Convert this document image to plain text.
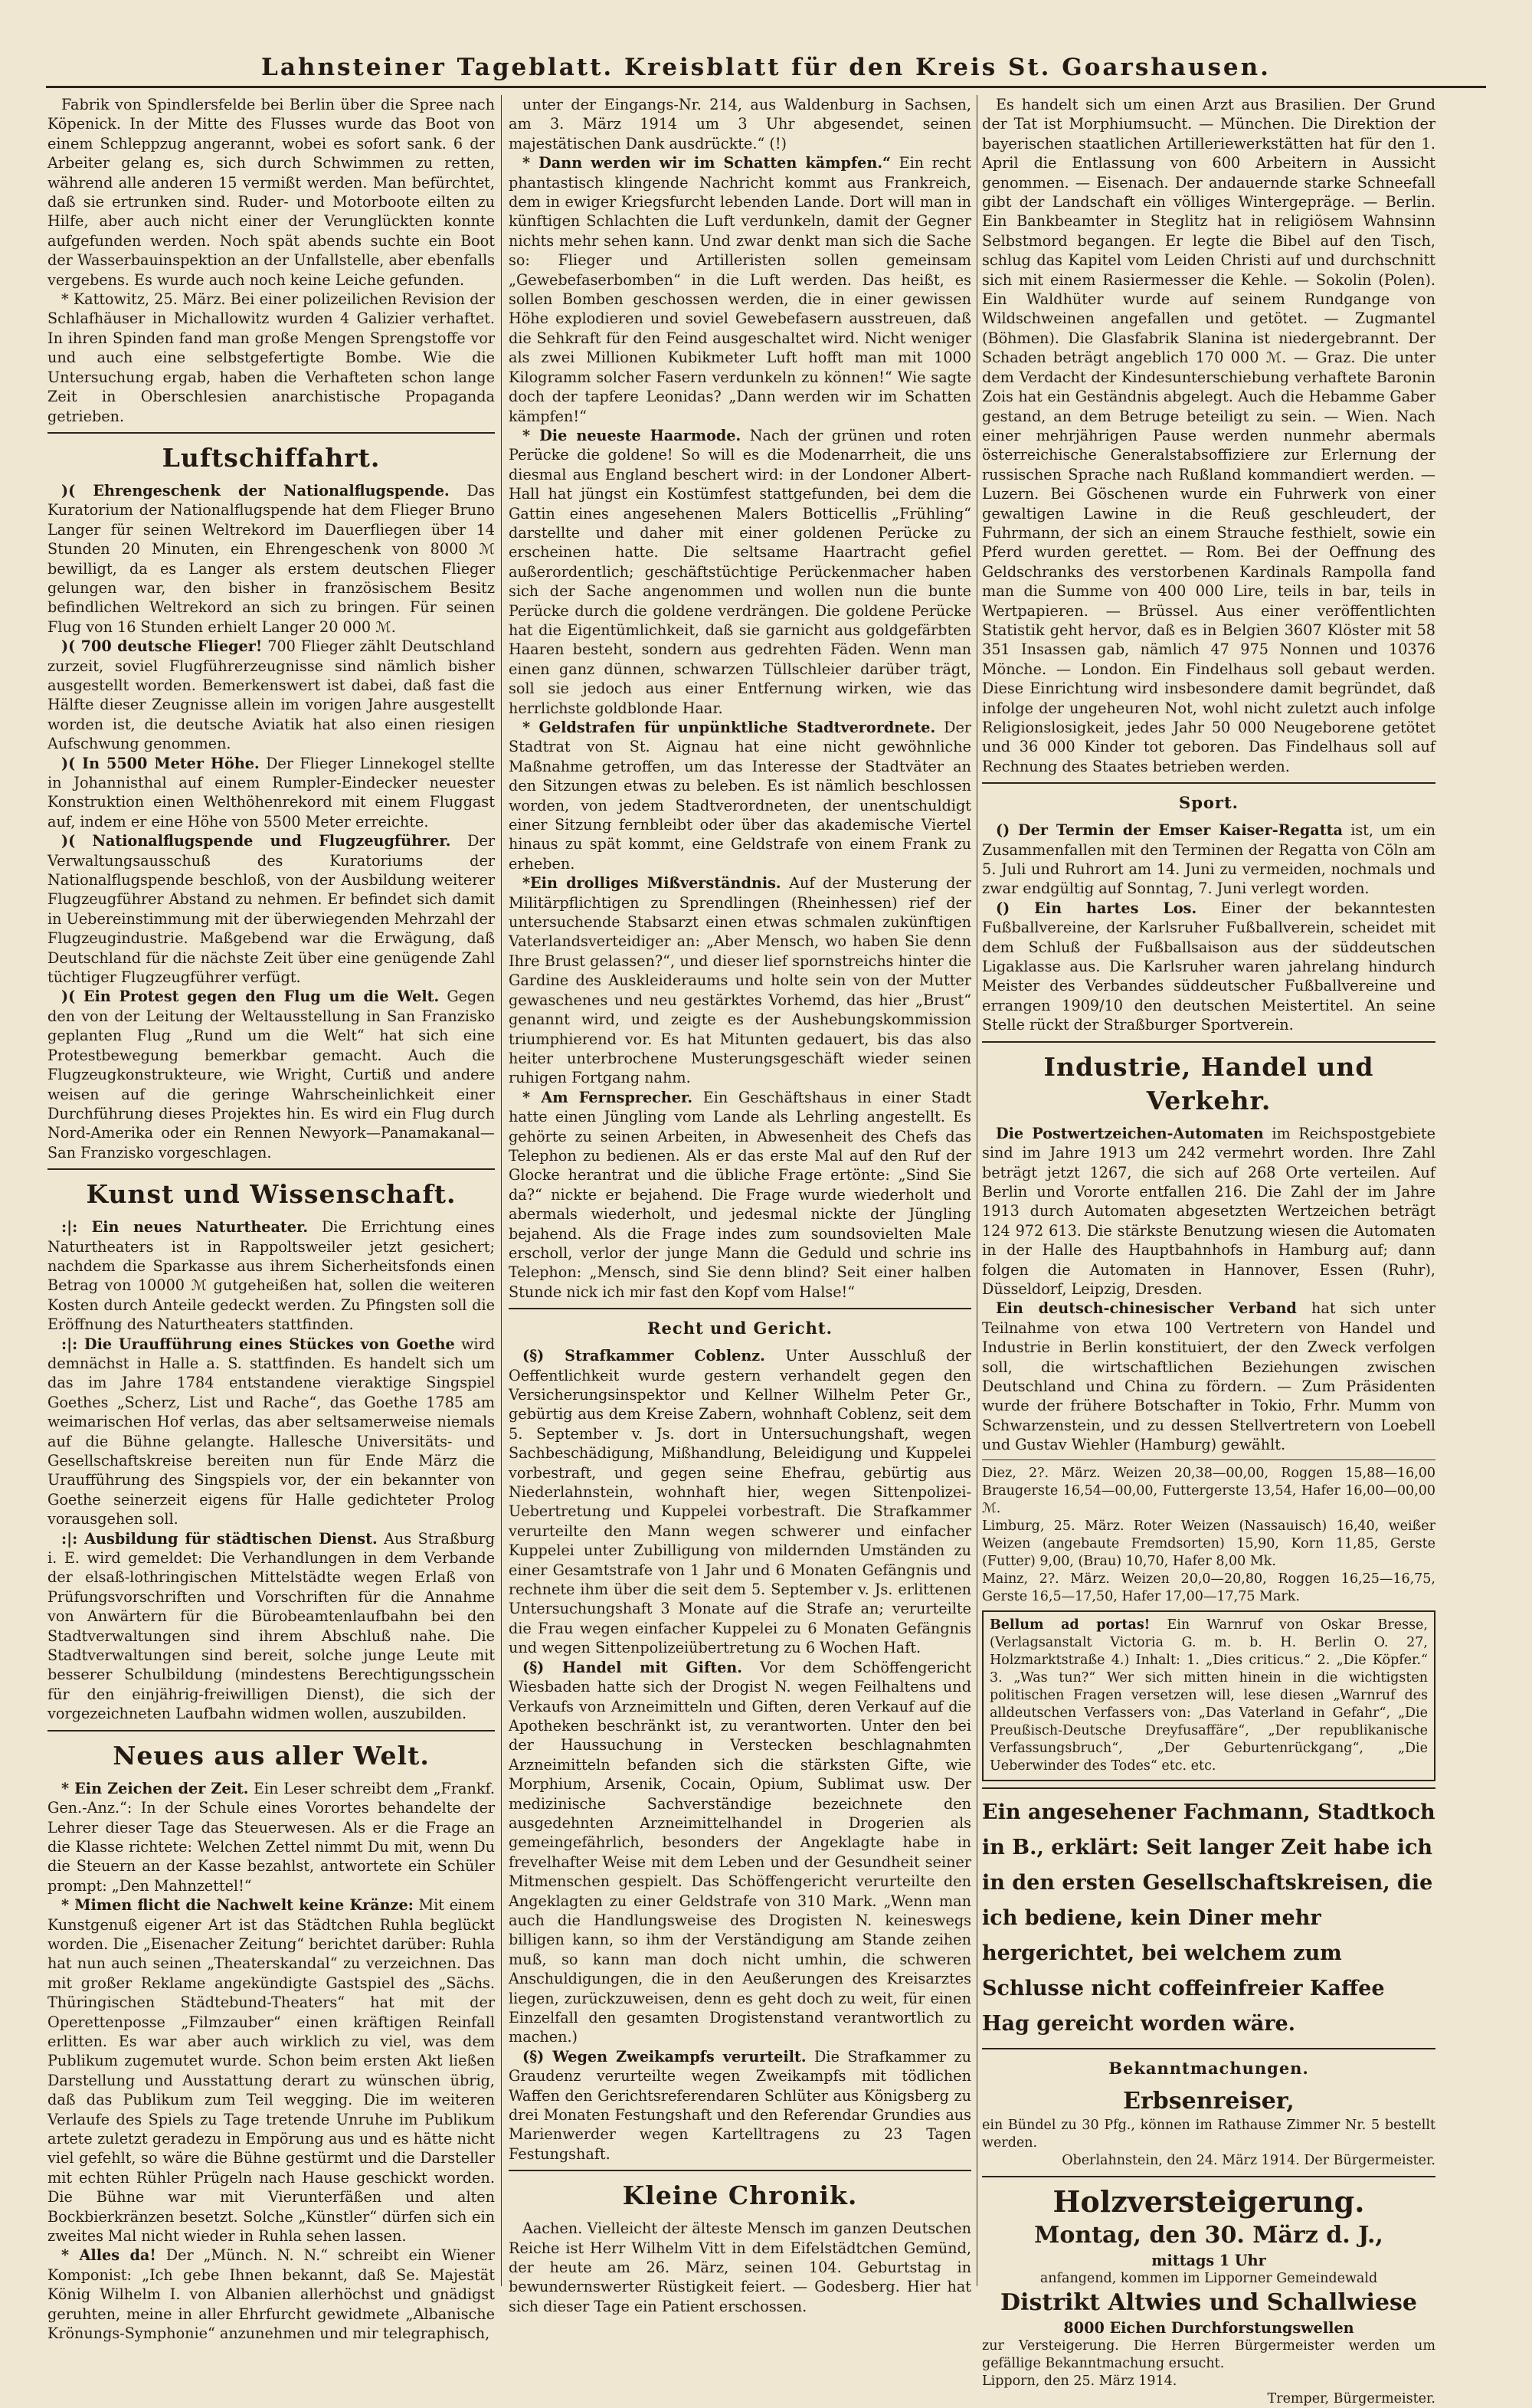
Lahnsteiner Tageblatt. Kreisblatt für den Kreis St. Goarshausen.

Fabrik von Spindlersfelde bei Berlin über die Spree nach Köpenick. In der Mitte des Flusses wurde das Boot von einem Schleppzug angerannt, wobei es sofort sank. 6 der Arbeiter gelang es, sich durch Schwimmen zu retten, während alle anderen 15 vermißt werden. Man befürchtet, daß sie ertrunken sind. Ruder- und Motorboote eilten zu Hilfe, aber auch nicht einer der Verunglückten konnte aufgefunden werden. Noch spät abends suchte ein Boot der Wasserbauinspektion an der Unfallstelle, aber ebenfalls vergebens. Es wurde auch noch keine Leiche gefunden.

* Kattowitz, 25. März. Bei einer polizeilichen Revision der Schlafhäuser in Michallowitz wurden 4 Galizier verhaftet. In ihren Spinden fand man große Mengen Sprengstoffe vor und auch eine selbstgefertigte Bombe. Wie die Untersuchung ergab, haben die Verhafteten schon lange Zeit in Oberschlesien anarchistische Propaganda getrieben.

Luftschiffahrt.

)( Ehrengeschenk der Nationalflugspende. Das Kuratorium der Nationalflugspende hat dem Flieger Bruno Langer für seinen Weltrekord im Dauerfliegen über 14 Stunden 20 Minuten, ein Ehrengeschenk von 8000 ℳ bewilligt, da es Langer als erstem deutschen Flieger gelungen war, den bisher in französischem Besitz befindlichen Weltrekord an sich zu bringen. Für seinen Flug von 16 Stunden erhielt Langer 20 000 ℳ.

)( 700 deutsche Flieger! 700 Flieger zählt Deutschland zurzeit, soviel Flugführerzeugnisse sind nämlich bisher ausgestellt worden. Bemerkenswert ist dabei, daß fast die Hälfte dieser Zeugnisse allein im vorigen Jahre ausgestellt worden ist, die deutsche Aviatik hat also einen riesigen Aufschwung genommen.

)( In 5500 Meter Höhe. Der Flieger Linnekogel stellte in Johannisthal auf einem Rumpler-Eindecker neuester Konstruktion einen Welthöhenrekord mit einem Fluggast auf, indem er eine Höhe von 5500 Meter erreichte.

)( Nationalflugspende und Flugzeugführer. Der Verwaltungsausschuß des Kuratoriums der Nationalflugspende beschloß, von der Ausbildung weiterer Flugzeugführer Abstand zu nehmen. Er befindet sich damit in Uebereinstimmung mit der überwiegenden Mehrzahl der Flugzeugindustrie. Maßgebend war die Erwägung, daß Deutschland für die nächste Zeit über eine genügende Zahl tüchtiger Flugzeugführer verfügt.

)( Ein Protest gegen den Flug um die Welt. Gegen den von der Leitung der Weltausstellung in San Franzisko geplanten Flug „Rund um die Welt“ hat sich eine Protestbewegung bemerkbar gemacht. Auch die Flugzeugkonstrukteure, wie Wright, Curtiß und andere weisen auf die geringe Wahrscheinlichkeit einer Durchführung dieses Projektes hin. Es wird ein Flug durch Nord-Amerika oder ein Rennen Newyork—Panamakanal—San Franzisko vorgeschlagen.

Kunst und Wissenschaft.

:|: Ein neues Naturtheater. Die Errichtung eines Naturtheaters ist in Rappoltsweiler jetzt gesichert; nachdem die Sparkasse aus ihrem Sicherheitsfonds einen Betrag von 10000 ℳ gutgeheißen hat, sollen die weiteren Kosten durch Anteile gedeckt werden. Zu Pfingsten soll die Eröffnung des Naturtheaters stattfinden.

:|: Die Uraufführung eines Stückes von Goethe wird demnächst in Halle a. S. stattfinden. Es handelt sich um das im Jahre 1784 entstandene vieraktige Singspiel Goethes „Scherz, List und Rache“, das Goethe 1785 am weimarischen Hof verlas, das aber seltsamerweise niemals auf die Bühne gelangte. Hallesche Universitäts- und Gesellschaftskreise bereiten nun für Ende März die Uraufführung des Singspiels vor, der ein bekannter von Goethe seinerzeit eigens für Halle gedichteter Prolog vorausgehen soll.

:|: Ausbildung für städtischen Dienst. Aus Straßburg i. E. wird gemeldet: Die Verhandlungen in dem Verbande der elsaß-lothringischen Mittelstädte wegen Erlaß von Prüfungsvorschriften und Vorschriften für die Annahme von Anwärtern für die Bürobeamtenlaufbahn bei den Stadtverwaltungen sind ihrem Abschluß nahe. Die Stadtverwaltungen sind bereit, solche junge Leute mit besserer Schulbildung (mindestens Berechtigungsschein für den einjährig-freiwilligen Dienst), die sich der vorgezeichneten Laufbahn widmen wollen, auszubilden.

Neues aus aller Welt.

* Ein Zeichen der Zeit. Ein Leser schreibt dem „Frankf. Gen.-Anz.“: In der Schule eines Vorortes behandelte der Lehrer dieser Tage das Steuerwesen. Als er die Frage an die Klasse richtete: Welchen Zettel nimmt Du mit, wenn Du die Steuern an der Kasse bezahlst, antwortete ein Schüler prompt: „Den Mahnzettel!“

* Mimen flicht die Nachwelt keine Kränze: Mit einem Kunstgenuß eigener Art ist das Städtchen Ruhla beglückt worden. Die „Eisenacher Zeitung“ berichtet darüber: Ruhla hat nun auch seinen „Theaterskandal“ zu verzeichnen. Das mit großer Reklame angekündigte Gastspiel des „Sächs. Thüringischen Städtebund-Theaters“ hat mit der Operettenposse „Filmzauber“ einen kräftigen Reinfall erlitten. Es war aber auch wirklich zu viel, was dem Publikum zugemutet wurde. Schon beim ersten Akt ließen Darstellung und Ausstattung derart zu wünschen übrig, daß das Publikum zum Teil wegging. Die im weiteren Verlaufe des Spiels zu Tage tretende Unruhe im Publikum artete zuletzt geradezu in Empörung aus und es hätte nicht viel gefehlt, so wäre die Bühne gestürmt und die Darsteller mit echten Rühler Prügeln nach Hause geschickt worden. Die Bühne war mit Vierunterfäßen und alten Bockbierkränzen besetzt. Solche „Künstler“ dürfen sich ein zweites Mal nicht wieder in Ruhla sehen lassen.

* Alles da! Der „Münch. N. N.“ schreibt ein Wiener Komponist: „Ich gebe Ihnen bekannt, daß Se. Majestät König Wilhelm I. von Albanien allerhöchst und gnädigst geruhten, meine in aller Ehrfurcht gewidmete „Albanische Krönungs-Symphonie“ anzunehmen und mir telegraphisch,

unter der Eingangs-Nr. 214, aus Waldenburg in Sachsen, am 3. März 1914 um 3 Uhr abgesendet, seinen majestätischen Dank ausdrückte.“ (!)

* Dann werden wir im Schatten kämpfen.“ Ein recht phantastisch klingende Nachricht kommt aus Frankreich, dem in ewiger Kriegsfurcht lebenden Lande. Dort will man in künftigen Schlachten die Luft verdunkeln, damit der Gegner nichts mehr sehen kann. Und zwar denkt man sich die Sache so: Flieger und Artilleristen sollen gemeinsam „Gewebefaserbomben“ in die Luft werden. Das heißt, es sollen Bomben geschossen werden, die in einer gewissen Höhe explodieren und soviel Gewebefasern ausstreuen, daß die Sehkraft für den Feind ausgeschaltet wird. Nicht weniger als zwei Millionen Kubikmeter Luft hofft man mit 1000 Kilogramm solcher Fasern verdunkeln zu können!“ Wie sagte doch der tapfere Leonidas? „Dann werden wir im Schatten kämpfen!“

* Die neueste Haarmode. Nach der grünen und roten Perücke die goldene! So will es die Modenarrheit, die uns diesmal aus England beschert wird: in der Londoner Albert-Hall hat jüngst ein Kostümfest stattgefunden, bei dem die Gattin eines angesehenen Malers Botticellis „Frühling“ darstellte und daher mit einer goldenen Perücke zu erscheinen hatte. Die seltsame Haartracht gefiel außerordentlich; geschäftstüchtige Perückenmacher haben sich der Sache angenommen und wollen nun die bunte Perücke durch die goldene verdrängen. Die goldene Perücke hat die Eigentümlichkeit, daß sie garnicht aus goldgefärbten Haaren besteht, sondern aus gedrehten Fäden. Wenn man einen ganz dünnen, schwarzen Tüllschleier darüber trägt, soll sie jedoch aus einer Entfernung wirken, wie das herrlichste goldblonde Haar.

* Geldstrafen für unpünktliche Stadtverordnete. Der Stadtrat von St. Aignau hat eine nicht gewöhnliche Maßnahme getroffen, um das Interesse der Stadtväter an den Sitzungen etwas zu beleben. Es ist nämlich beschlossen worden, von jedem Stadtverordneten, der unentschuldigt einer Sitzung fernbleibt oder über das akademische Viertel hinaus zu spät kommt, eine Geldstrafe von einem Frank zu erheben.

*Ein drolliges Mißverständnis. Auf der Musterung der Militärpflichtigen zu Sprendlingen (Rheinhessen) rief der untersuchende Stabsarzt einen etwas schmalen zukünftigen Vaterlandsverteidiger an: „Aber Mensch, wo haben Sie denn Ihre Brust gelassen?“, und dieser lief spornstreichs hinter die Gardine des Auskleideraums und holte sein von der Mutter gewaschenes und neu gestärktes Vorhemd, das hier „Brust“ genannt wird, und zeigte es der Aushebungskommission triumphierend vor. Es hat Mitunten gedauert, bis das also heiter unterbrochene Musterungsgeschäft wieder seinen ruhigen Fortgang nahm.

* Am Fernsprecher. Ein Geschäftshaus in einer Stadt hatte einen Jüngling vom Lande als Lehrling angestellt. Es gehörte zu seinen Arbeiten, in Abwesenheit des Chefs das Telephon zu bedienen. Als er das erste Mal auf den Ruf der Glocke herantrat und die übliche Frage ertönte: „Sind Sie da?“ nickte er bejahend. Die Frage wurde wiederholt und abermals wiederholt, und jedesmal nickte der Jüngling bejahend. Als die Frage indes zum soundsovielten Male erscholl, verlor der junge Mann die Geduld und schrie ins Telephon: „Mensch, sind Sie denn blind? Seit einer halben Stunde nick ich mir fast den Kopf vom Halse!“

Recht und Gericht.

(§) Strafkammer Coblenz. Unter Ausschluß der Oeffentlichkeit wurde gestern verhandelt gegen den Versicherungsinspektor und Kellner Wilhelm Peter Gr., gebürtig aus dem Kreise Zabern, wohnhaft Coblenz, seit dem 5. September v. Js. dort in Untersuchungshaft, wegen Sachbeschädigung, Mißhandlung, Beleidigung und Kuppelei vorbestraft, und gegen seine Ehefrau, gebürtig aus Niederlahnstein, wohnhaft hier, wegen Sittenpolizei-Uebertretung und Kuppelei vorbestraft. Die Strafkammer verurteilte den Mann wegen schwerer und einfacher Kuppelei unter Zubilligung von mildernden Umständen zu einer Gesamtstrafe von 1 Jahr und 6 Monaten Gefängnis und rechnete ihm über die seit dem 5. September v. Js. erlittenen Untersuchungshaft 3 Monate auf die Strafe an; verurteilte die Frau wegen einfacher Kuppelei zu 6 Monaten Gefängnis und wegen Sittenpolizeiübertretung zu 6 Wochen Haft.

(§) Handel mit Giften. Vor dem Schöffengericht Wiesbaden hatte sich der Drogist N. wegen Feilhaltens und Verkaufs von Arzneimitteln und Giften, deren Verkauf auf die Apotheken beschränkt ist, zu verantworten. Unter den bei der Haussuchung in Verstecken beschlagnahmten Arzneimitteln befanden sich die stärksten Gifte, wie Morphium, Arsenik, Cocain, Opium, Sublimat usw. Der medizinische Sachverständige bezeichnete den ausgedehnten Arzneimittelhandel in Drogerien als gemeingefährlich, besonders der Angeklagte habe in frevelhafter Weise mit dem Leben und der Gesundheit seiner Mitmenschen gespielt. Das Schöffengericht verurteilte den Angeklagten zu einer Geldstrafe von 310 Mark. „Wenn man auch die Handlungsweise des Drogisten N. keineswegs billigen kann, so ihm der Verständigung am Stande zeihen muß, so kann man doch nicht umhin, die schweren Anschuldigungen, die in den Aeußerungen des Kreisarztes liegen, zurückzuweisen, denn es geht doch zu weit, für einen Einzelfall den gesamten Drogistenstand verantwortlich zu machen.)

(§) Wegen Zweikampfs verurteilt. Die Strafkammer zu Graudenz verurteilte wegen Zweikampfs mit tödlichen Waffen den Gerichtsreferendaren Schlüter aus Königsberg zu drei Monaten Festungshaft und den Referendar Grundies aus Marienwerder wegen Kartelltragens zu 23 Tagen Festungshaft.

Kleine Chronik.

Aachen. Vielleicht der älteste Mensch im ganzen Deutschen Reiche ist Herr Wilhelm Vitt in dem Eifelstädtchen Gemünd, der heute am 26. März, seinen 104. Geburtstag in bewundernswerter Rüstigkeit feiert. — Godesberg. Hier hat sich dieser Tage ein Patient erschossen.

Es handelt sich um einen Arzt aus Brasilien. Der Grund der Tat ist Morphiumsucht. — München. Die Direktion der bayerischen staatlichen Artilleriewerkstätten hat für den 1. April die Entlassung von 600 Arbeitern in Aussicht genommen. — Eisenach. Der andauernde starke Schneefall gibt der Landschaft ein völliges Wintergepräge. — Berlin. Ein Bankbeamter in Steglitz hat in religiösem Wahnsinn Selbstmord begangen. Er legte die Bibel auf den Tisch, schlug das Kapitel vom Leiden Christi auf und durchschnitt sich mit einem Rasiermesser die Kehle. — Sokolin (Polen). Ein Waldhüter wurde auf seinem Rundgange von Wildschweinen angefallen und getötet. — Zugmantel (Böhmen). Die Glasfabrik Slanina ist niedergebrannt. Der Schaden beträgt angeblich 170 000 ℳ. — Graz. Die unter dem Verdacht der Kindesunterschiebung verhaftete Baronin Zois hat ein Geständnis abgelegt. Auch die Hebamme Gaber gestand, an dem Betruge beteiligt zu sein. — Wien. Nach einer mehrjährigen Pause werden nunmehr abermals österreichische Generalstabsoffiziere zur Erlernung der russischen Sprache nach Rußland kommandiert werden. — Luzern. Bei Göschenen wurde ein Fuhrwerk von einer gewaltigen Lawine in die Reuß geschleudert, der Fuhrmann, der sich an einem Strauche festhielt, sowie ein Pferd wurden gerettet. — Rom. Bei der Oeffnung des Geldschranks des verstorbenen Kardinals Rampolla fand man die Summe von 400 000 Lire, teils in bar, teils in Wertpapieren. — Brüssel. Aus einer veröffentlichten Statistik geht hervor, daß es in Belgien 3607 Klöster mit 58 351 Insassen gab, nämlich 47 975 Nonnen und 10376 Mönche. — London. Ein Findelhaus soll gebaut werden. Diese Einrichtung wird insbesondere damit begründet, daß infolge der ungeheuren Not, wohl nicht zuletzt auch infolge Religionslosigkeit, jedes Jahr 50 000 Neugeborene getötet und 36 000 Kinder tot geboren. Das Findelhaus soll auf Rechnung des Staates betrieben werden.

Sport.

() Der Termin der Emser Kaiser-Regatta ist, um ein Zusammenfallen mit den Terminen der Regatta von Cöln am 5. Juli und Ruhrort am 14. Juni zu vermeiden, nochmals und zwar endgültig auf Sonntag, 7. Juni verlegt worden.

() Ein hartes Los. Einer der bekanntesten Fußballvereine, der Karlsruher Fußballverein, scheidet mit dem Schluß der Fußballsaison aus der süddeutschen Ligaklasse aus. Die Karlsruher waren jahrelang hindurch Meister des Verbandes süddeutscher Fußballvereine und errangen 1909/10 den deutschen Meistertitel. An seine Stelle rückt der Straßburger Sportverein.

Industrie, Handel und Verkehr.

Die Postwertzeichen-Automaten im Reichspostgebiete sind im Jahre 1913 um 242 vermehrt worden. Ihre Zahl beträgt jetzt 1267, die sich auf 268 Orte verteilen. Auf Berlin und Vororte entfallen 216. Die Zahl der im Jahre 1913 durch Automaten abgesetzten Wertzeichen beträgt 124 972 613. Die stärkste Benutzung wiesen die Automaten in der Halle des Hauptbahnhofs in Hamburg auf; dann folgen die Automaten in Hannover, Essen (Ruhr), Düsseldorf, Leipzig, Dresden.

Ein deutsch-chinesischer Verband hat sich unter Teilnahme von etwa 100 Vertretern von Handel und Industrie in Berlin konstituiert, der den Zweck verfolgen soll, die wirtschaftlichen Beziehungen zwischen Deutschland und China zu fördern. — Zum Präsidenten wurde der frühere Botschafter in Tokio, Frhr. Mumm von Schwarzenstein, und zu dessen Stellvertretern von Loebell und Gustav Wiehler (Hamburg) gewählt.

Diez, 2?. März. Weizen 20,38—00,00, Roggen 15,88—16,00 Braugerste 16,54—00,00, Futtergerste 13,54, Hafer 16,00—00,00 ℳ.

Limburg, 25. März. Roter Weizen (Nassauisch) 16,40, weißer Weizen (angebaute Fremdsorten) 15,90, Korn 11,85, Gerste (Futter) 9,00, (Brau) 10,70, Hafer 8,00 Mk.

Mainz, 2?. März. Weizen 20,0—20,80, Roggen 16,25—16,75, Gerste 16,5—17,50, Hafer 17,00—17,75 Mark.

Bellum ad portas! Ein Warnruf von Oskar Bresse, (Verlagsanstalt Victoria G. m. b. H. Berlin O. 27, Holzmarktstraße 4.) Inhalt: 1. „Dies criticus.“ 2. „Die Köpfer.“ 3. „Was tun?“ Wer sich mitten hinein in die wichtigsten politischen Fragen versetzen will, lese diesen „Warnruf des alldeutschen Verfassers von: „Das Vaterland in Gefahr“, „Die Preußisch-Deutsche Dreyfusaffäre“, „Der republikanische Verfassungsbruch“, „Der Geburtenrückgang“, „Die Ueberwinder des Todes“ etc. etc.

Ein angesehener Fachmann, Stadtkoch in B., erklärt: Seit langer Zeit habe ich in den ersten Gesellschaftskreisen, die ich bediene, kein Diner mehr hergerichtet, bei welchem zum Schlusse nicht coffeinfreier Kaffee Hag gereicht worden wäre.

Bekanntmachungen.
Erbsenreiser,

ein Bündel zu 30 Pfg., können im Rathause Zimmer Nr. 5 bestellt werden.

Oberlahnstein, den 24. März 1914. Der Bürgermeister.

Holzversteigerung.
Montag, den 30. März d. J.,

mittags 1 Uhr

anfangend, kommen im Lipporner Gemeindewald

Distrikt Altwies und Schallwiese

8000 Eichen Durchforstungswellen

zur Versteigerung. Die Herren Bürgermeister werden um gefällige Bekanntmachung ersucht.

Lipporn, den 25. März 1914.

Tremper, Bürgermeister.
